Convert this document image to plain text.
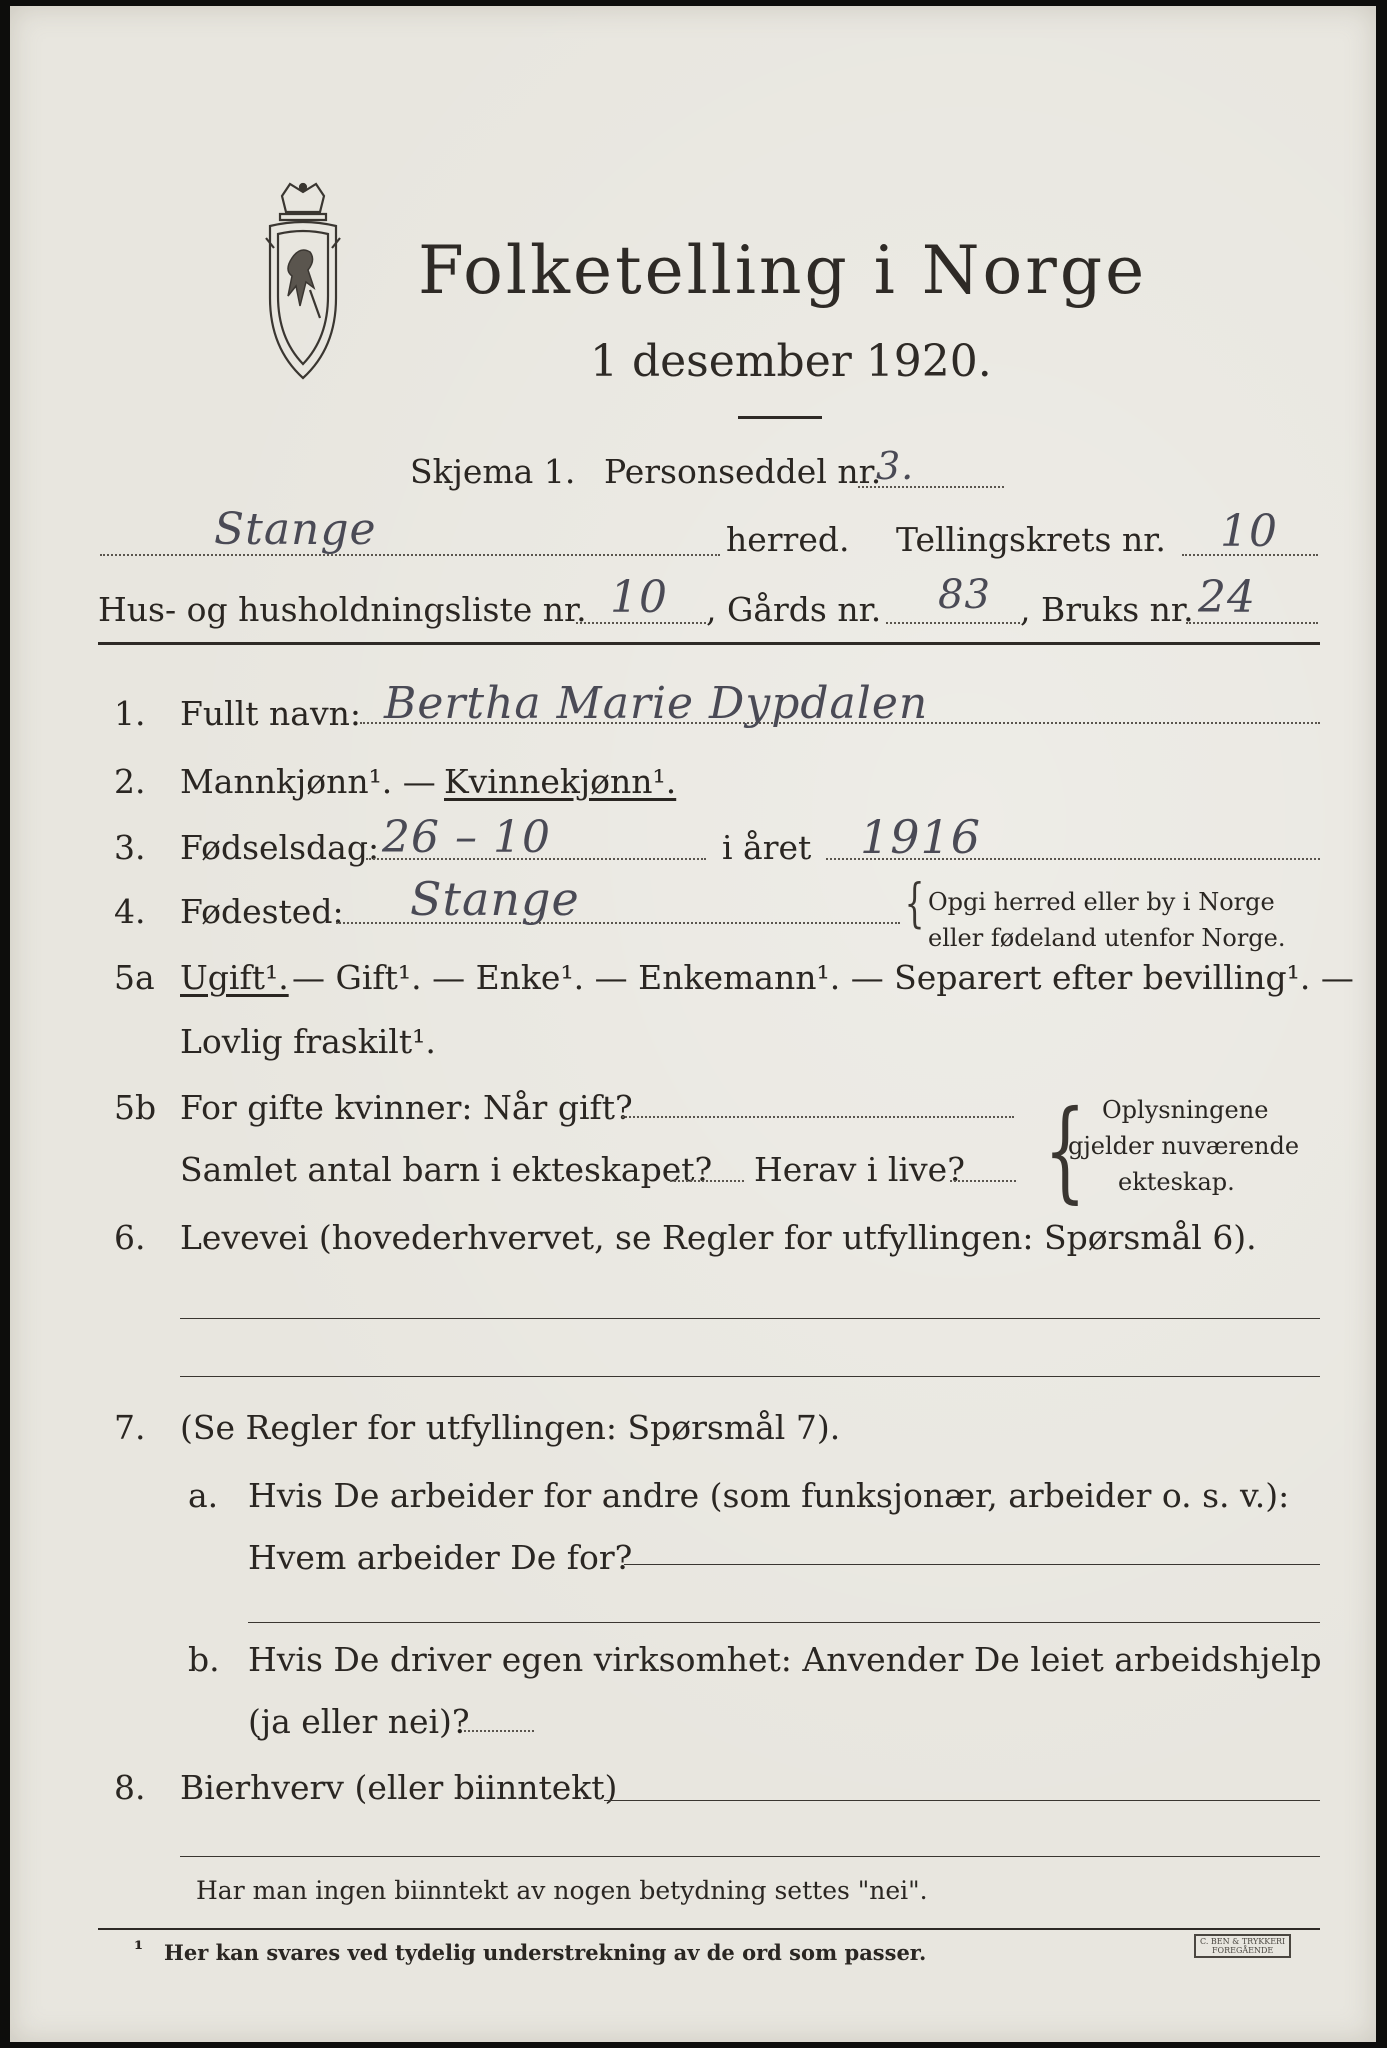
Folketelling i Norge
1 desember 1920.
Skjema 1. Personseddel nr.
3.
Stange	herred. Tellingskrets nr. 10
Hus- og husholdningsliste nr. 10 , Gårds nr. 83 , Bruks nr. 24
1. Fullt navn: Bertha Marie Dypdalen
2. Mannkjønn¹. — Kvinnekjønn¹.
3. Fødselsdag: 26 – 10	i året 1916
4. Fødested: Stange	{ Opgi herred eller by i Norge
eller fødeland utenfor Norge.
5a Ugift¹. — Gift¹. — Enke¹. — Enkemann¹. — Separert efter bevilling¹. —
Lovlig fraskilt¹.
5b For gifte kvinner: Når gift?
Samlet antal barn i ekteskapet? Herav i live? { Oplysningene
gjelder nuværende
ekteskap.
6. Levevei (hovederhvervet, se Regler for utfyllingen: Spørsmål 6).
7. (Se Regler for utfyllingen: Spørsmål 7).
a. Hvis De arbeider for andre (som funksjonær, arbeider o. s. v.):
Hvem arbeider De for?
b. Hvis De driver egen virksomhet: Anvender De leiet arbeidshjelp
(ja eller nei)?
8. Bierhverv (eller biinntekt)
Har man ingen biinntekt av nogen betydning settes "nei".
¹ Her kan svares ved tydelig understrekning av de ord som passer.	C. BEN & TRYKKERI
FOREGÅENDE
